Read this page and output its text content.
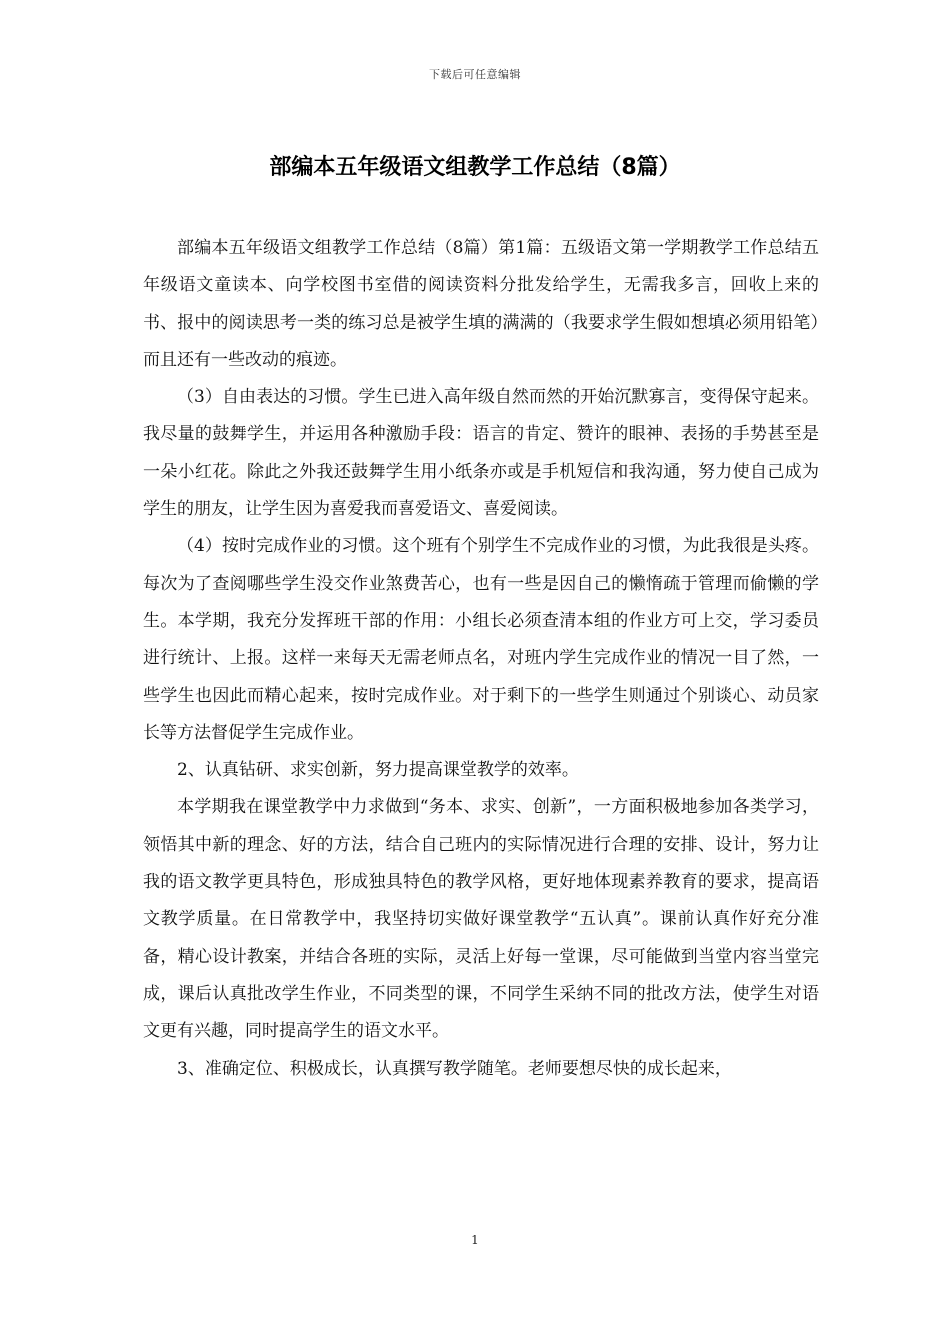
下载后可任意编辑
部编本五年级语文组教学工作总结（8篇）

部编本五年级语文组教学工作总结（8篇）第1篇：五级语文第一学期教学工作总结五年级语文童读本、向学校图书室借的阅读资料分批发给学生，无需我多言，回收上来的书、报中的阅读思考一类的练习总是被学生填的满满的（我要求学生假如想填必须用铅笔）而且还有一些改动的痕迹。

（3）自由表达的习惯。学生已进入高年级自然而然的开始沉默寡言，变得保守起来。我尽量的鼓舞学生，并运用各种激励手段：语言的肯定、赞许的眼神、表扬的手势甚至是一朵小红花。除此之外我还鼓舞学生用小纸条亦或是手机短信和我沟通，努力使自己成为学生的朋友，让学生因为喜爱我而喜爱语文、喜爱阅读。

（4）按时完成作业的习惯。这个班有个别学生不完成作业的习惯，为此我很是头疼。每次为了查阅哪些学生没交作业煞费苦心，也有一些是因自己的懒惰疏于管理而偷懒的学生。本学期，我充分发挥班干部的作用：小组长必须查清本组的作业方可上交，学习委员进行统计、上报。这样一来每天无需老师点名，对班内学生完成作业的情况一目了然，一些学生也因此而精心起来，按时完成作业。对于剩下的一些学生则通过个别谈心、动员家长等方法督促学生完成作业。

2、认真钻研、求实创新，努力提高课堂教学的效率。

本学期我在课堂教学中力求做到“务本、求实、创新”，一方面积极地参加各类学习，领悟其中新的理念、好的方法，结合自己班内的实际情况进行合理的安排、设计，努力让我的语文教学更具特色，形成独具特色的教学风格，更好地体现素养教育的要求，提高语文教学质量。在日常教学中，我坚持切实做好课堂教学“五认真”。课前认真作好充分准备，精心设计教案，并结合各班的实际，灵活上好每一堂课，尽可能做到当堂内容当堂完成，课后认真批改学生作业，不同类型的课，不同学生采纳不同的批改方法，使学生对语文更有兴趣，同时提高学生的语文水平。

3、准确定位、积极成长，认真撰写教学随笔。老师要想尽快的成长起来，

1
